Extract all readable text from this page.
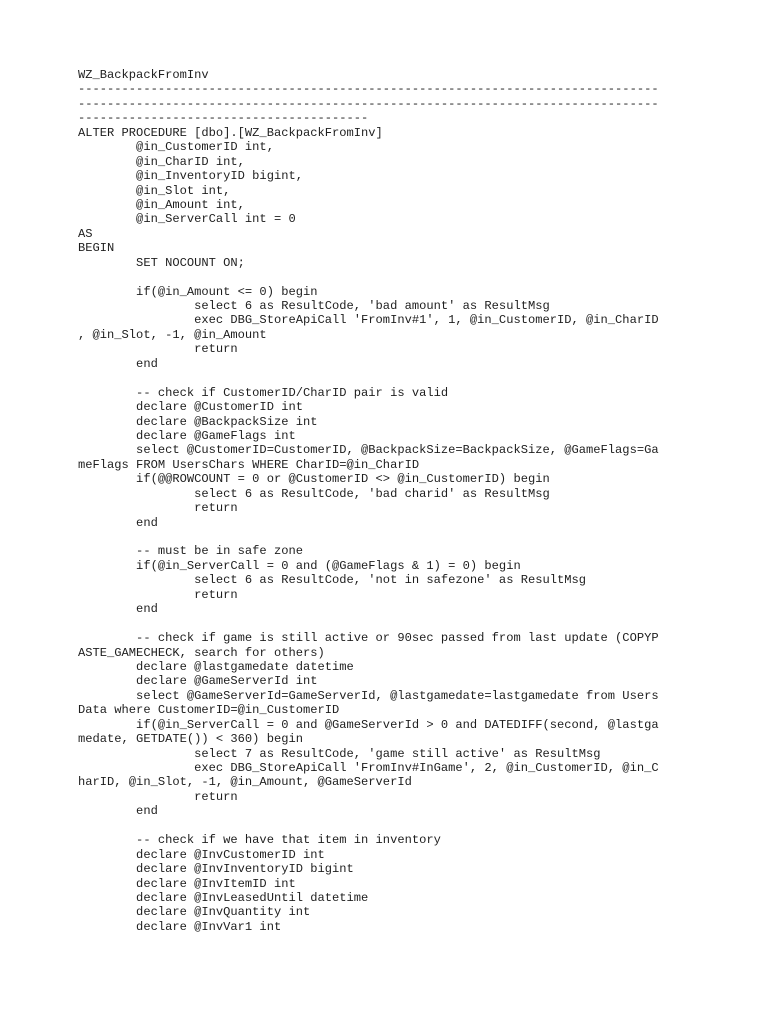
WZ_BackpackFromInv
--------------------------------------------------------------------------------
--------------------------------------------------------------------------------
----------------------------------------
ALTER PROCEDURE [dbo].[WZ_BackpackFromInv]
@in_CustomerID int,
@in_CharID int,
@in_InventoryID bigint,
@in_Slot int,
@in_Amount int,
@in_ServerCall int = 0
AS
BEGIN
SET NOCOUNT ON;
if(@in_Amount <= 0) begin
select 6 as ResultCode, 'bad amount' as ResultMsg
exec DBG_StoreApiCall 'FromInv#1', 1, @in_CustomerID, @in_CharID
, @in_Slot, -1, @in_Amount
return
end
-- check if CustomerID/CharID pair is valid
declare @CustomerID int
declare @BackpackSize int
declare @GameFlags int
select @CustomerID=CustomerID, @BackpackSize=BackpackSize, @GameFlags=Ga
meFlags FROM UsersChars WHERE CharID=@in_CharID
if(@@ROWCOUNT = 0 or @CustomerID <> @in_CustomerID) begin
select 6 as ResultCode, 'bad charid' as ResultMsg
return
end
-- must be in safe zone
if(@in_ServerCall = 0 and (@GameFlags & 1) = 0) begin
select 6 as ResultCode, 'not in safezone' as ResultMsg
return
end
-- check if game is still active or 90sec passed from last update (COPYP
ASTE_GAMECHECK, search for others)
declare @lastgamedate datetime
declare @GameServerId int
select @GameServerId=GameServerId, @lastgamedate=lastgamedate from Users
Data where CustomerID=@in_CustomerID
if(@in_ServerCall = 0 and @GameServerId > 0 and DATEDIFF(second, @lastga
medate, GETDATE()) < 360) begin
select 7 as ResultCode, 'game still active' as ResultMsg
exec DBG_StoreApiCall 'FromInv#InGame', 2, @in_CustomerID, @in_C
harID, @in_Slot, -1, @in_Amount, @GameServerId
return
end
-- check if we have that item in inventory
declare @InvCustomerID int
declare @InvInventoryID bigint
declare @InvItemID int
declare @InvLeasedUntil datetime
declare @InvQuantity int
declare @InvVar1 int
